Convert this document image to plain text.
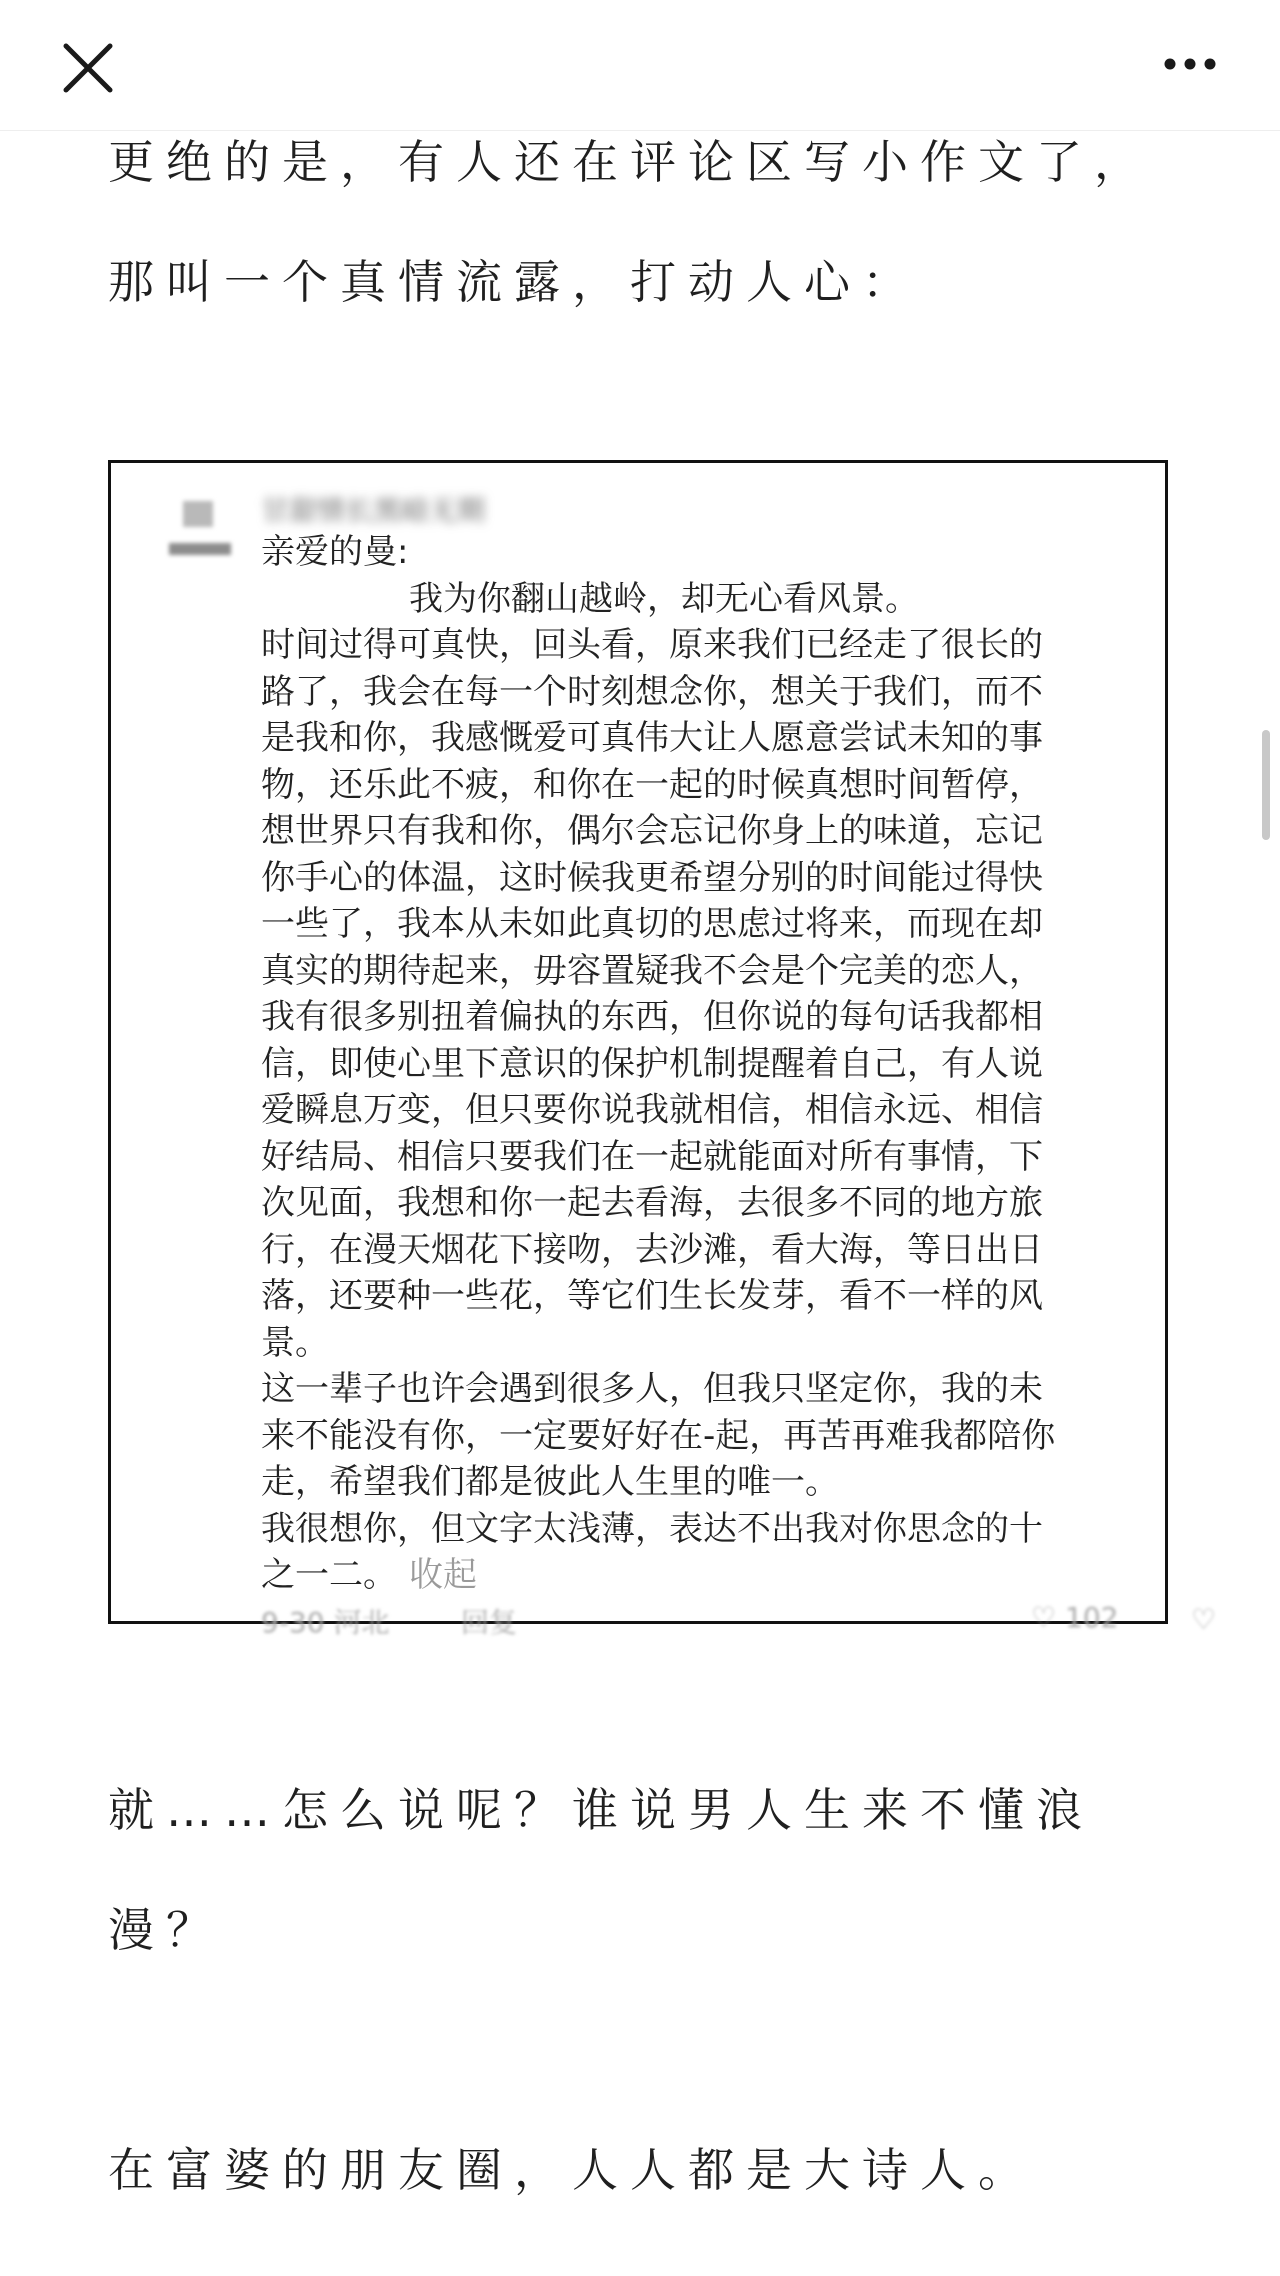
更绝的是，有人还在评论区写小作文了，
那叫一个真情流露，打动人心：
甘甜情长黑暗无期
亲爱的曼:
我为你翻山越岭，却无心看风景。
时间过得可真快，回头看，原来我们已经走了很长的
路了，我会在每一个时刻想念你，想关于我们，而不
是我和你，我感慨爱可真伟大让人愿意尝试未知的事
物，还乐此不疲，和你在一起的时候真想时间暂停，
想世界只有我和你，偶尔会忘记你身上的味道，忘记
你手心的体温，这时候我更希望分别的时间能过得快
一些了，我本从未如此真切的思虑过将来，而现在却
真实的期待起来，毋容置疑我不会是个完美的恋人，
我有很多别扭着偏执的东西，但你说的每句话我都相
信，即使心里下意识的保护机制提醒着自己，有人说
爱瞬息万变，但只要你说我就相信，相信永远、相信
好结局、相信只要我们在一起就能面对所有事情，下
次见面，我想和你一起去看海，去很多不同的地方旅
行，在漫天烟花下接吻，去沙滩，看大海，等日出日
落，还要种一些花，等它们生长发芽，看不一样的风
景。
这一辈子也许会遇到很多人，但我只坚定你，我的未
来不能没有你，一定要好好在-起，再苦再难我都陪你
走，希望我们都是彼此人生里的唯一。
我很想你，但文字太浅薄，表达不出我对你思念的十
之一二。 收起
9-30 河北	回复	♡ 102	♡
就……怎么说呢？谁说男人生来不懂浪
漫？
在富婆的朋友圈，人人都是大诗人。
